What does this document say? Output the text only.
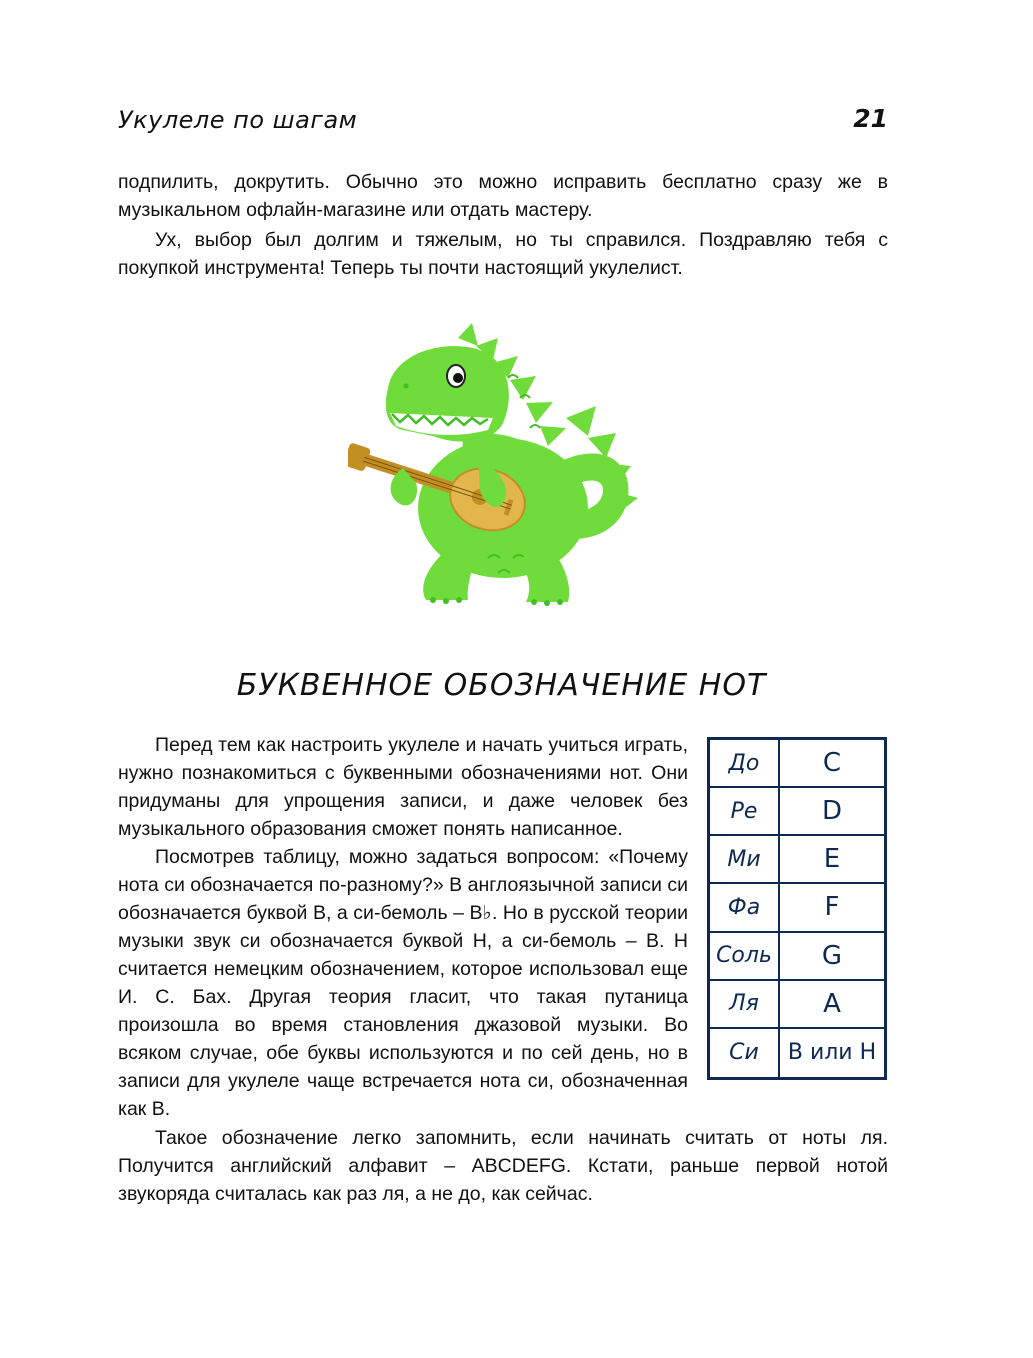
Укулеле по шагам	21

подпилить, докрутить. Обычно это можно исправить бесплатно сразу же в музыкальном офлайн-магазине или отдать мастеру.

Ух, выбор был долгим и тяжелым, но ты справился. Поздравляю тебя с покупкой инструмента! Теперь ты почти настоящий укулелист.

БУКВЕННОЕ ОБОЗНАЧЕНИЕ НОТ

Перед тем как настроить укулеле и начать учиться играть, нужно познакомиться с буквенными обозначениями нот. Они придуманы для упрощения записи, и даже человек без музыкального образования сможет понять написанное.

Посмотрев таблицу, можно задаться вопросом: «Почему нота си обозначается по-разному?» В англоязычной записи си обозначается буквой B, а си-бемоль – B♭. Но в русской теории музыки звук си обозначается буквой H, а си-бемоль – B. H считается немецким обозначением, которое использовал еще И. С. Бах. Другая теория гласит, что такая путаница произошла во время становления джазовой музыки. Во всяком случае, обе буквы используются и по сей день, но в записи для укулеле чаще встречается нота си, обозначенная как B.

До	C
Ре	D
Ми	E
Фа	F
Соль	G
Ля	A
Си	B или H

Такое обозначение легко запомнить, если начинать считать от ноты ля. Получится английский алфавит – ABCDEFG. Кстати, раньше первой нотой звукоряда считалась как раз ля, а не до, как сейчас.
